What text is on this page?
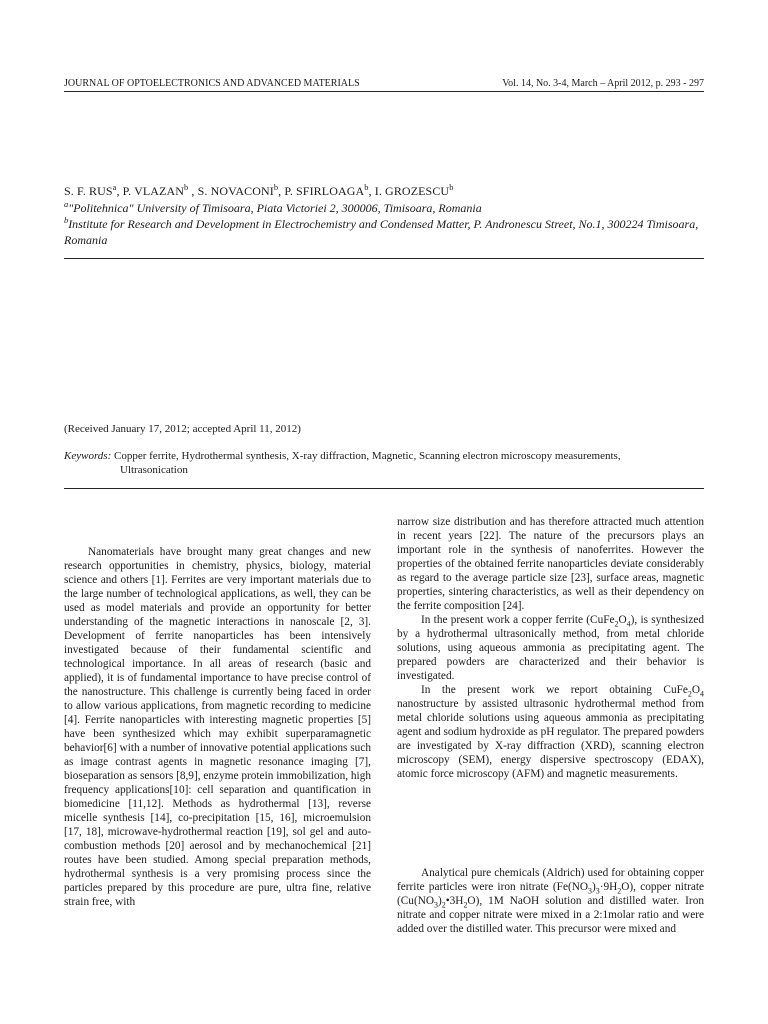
JOURNAL OF OPTOELECTRONICS AND ADVANCED MATERIALS	Vol. 14, No. 3-4, March – April 2012, p. 293 - 297
S. F. RUS$^a$, P. VLAZAN$^b$ , S. NOVACONI$^b$, P. SFIRLOAGA$^b$, I. GROZESCU$^b$
$^a$"Politehnica" University of Timisoara, Piata Victoriei 2, 300006, Timisoara, Romania
$^b$Institute for Research and Development in Electrochemistry and Condensed Matter, P. Andronescu Street, No.1, 300224 Timisoara, Romania
(Received January 17, 2012; accepted April 11, 2012)
Keywords: Copper ferrite, Hydrothermal synthesis, X-ray diffraction, Magnetic, Scanning electron microscopy measurements,
Ultrasonication

Nanomaterials have brought many great changes and new research opportunities in chemistry, physics, biology, material science and others [1]. Ferrites are very important materials due to the large number of technological applications, as well, they can be used as model materials and provide an opportunity for better understanding of the magnetic interactions in nanoscale [2, 3]. Development of ferrite nanoparticles has been intensively investigated because of their fundamental scientific and technological importance. In all areas of research (basic and applied), it is of fundamental importance to have precise control of the nanostructure. This challenge is currently being faced in order to allow various applications, from magnetic recording to medicine [4]. Ferrite nanoparticles with interesting magnetic properties [5] have been synthesized which may exhibit superparamagnetic behavior[6] with a number of innovative potential applications such as image contrast agents in magnetic resonance imaging [7], bioseparation as sensors [8,9], enzyme protein immobilization, high frequency applications[10]: cell separation and quantification in biomedicine [11,12]. Methods as hydrothermal [13], reverse micelle synthesis [14], co-precipitation [15, 16], microemulsion [17, 18], microwave-hydrothermal reaction [19], sol gel and auto-combustion methods [20] aerosol and by mechanochemical [21] routes have been studied. Among special preparation methods, hydrothermal synthesis is a very promising process since the particles prepared by this procedure are pure, ultra fine, relative strain free, with

narrow size distribution and has therefore attracted much attention in recent years [22]. The nature of the precursors plays an important role in the synthesis of nanoferrites. However the properties of the obtained ferrite nanoparticles deviate considerably as regard to the average particle size [23], surface areas, magnetic properties, sintering characteristics, as well as their dependency on the ferrite composition [24].

In the present work a copper ferrite $(CuFe_2O_4)$, is synthesized by a hydrothermal ultrasonically method, from metal chloride solutions, using aqueous ammonia as precipitating agent. The prepared powders are characterized and their behavior is investigated.

In the present work we report obtaining $CuFe_2O_4$ nanostructure by assisted ultrasonic hydrothermal method from metal chloride solutions using aqueous ammonia as precipitating agent and sodium hydroxide as pH regulator. The prepared powders are investigated by X-ray diffraction (XRD), scanning electron microscopy (SEM), energy dispersive spectroscopy (EDAX), atomic force microscopy (AFM) and magnetic measurements.

Analytical pure chemicals (Aldrich) used for obtaining copper ferrite particles were iron nitrate $(Fe(NO_3)_3\cdot 9H_2O)$, copper nitrate $(Cu(NO_3)_2•3H_2O)$, 1M NaOH solution and distilled water. Iron nitrate and copper nitrate were mixed in a 2:1molar ratio and were added over the distilled water. This precursor were mixed and
